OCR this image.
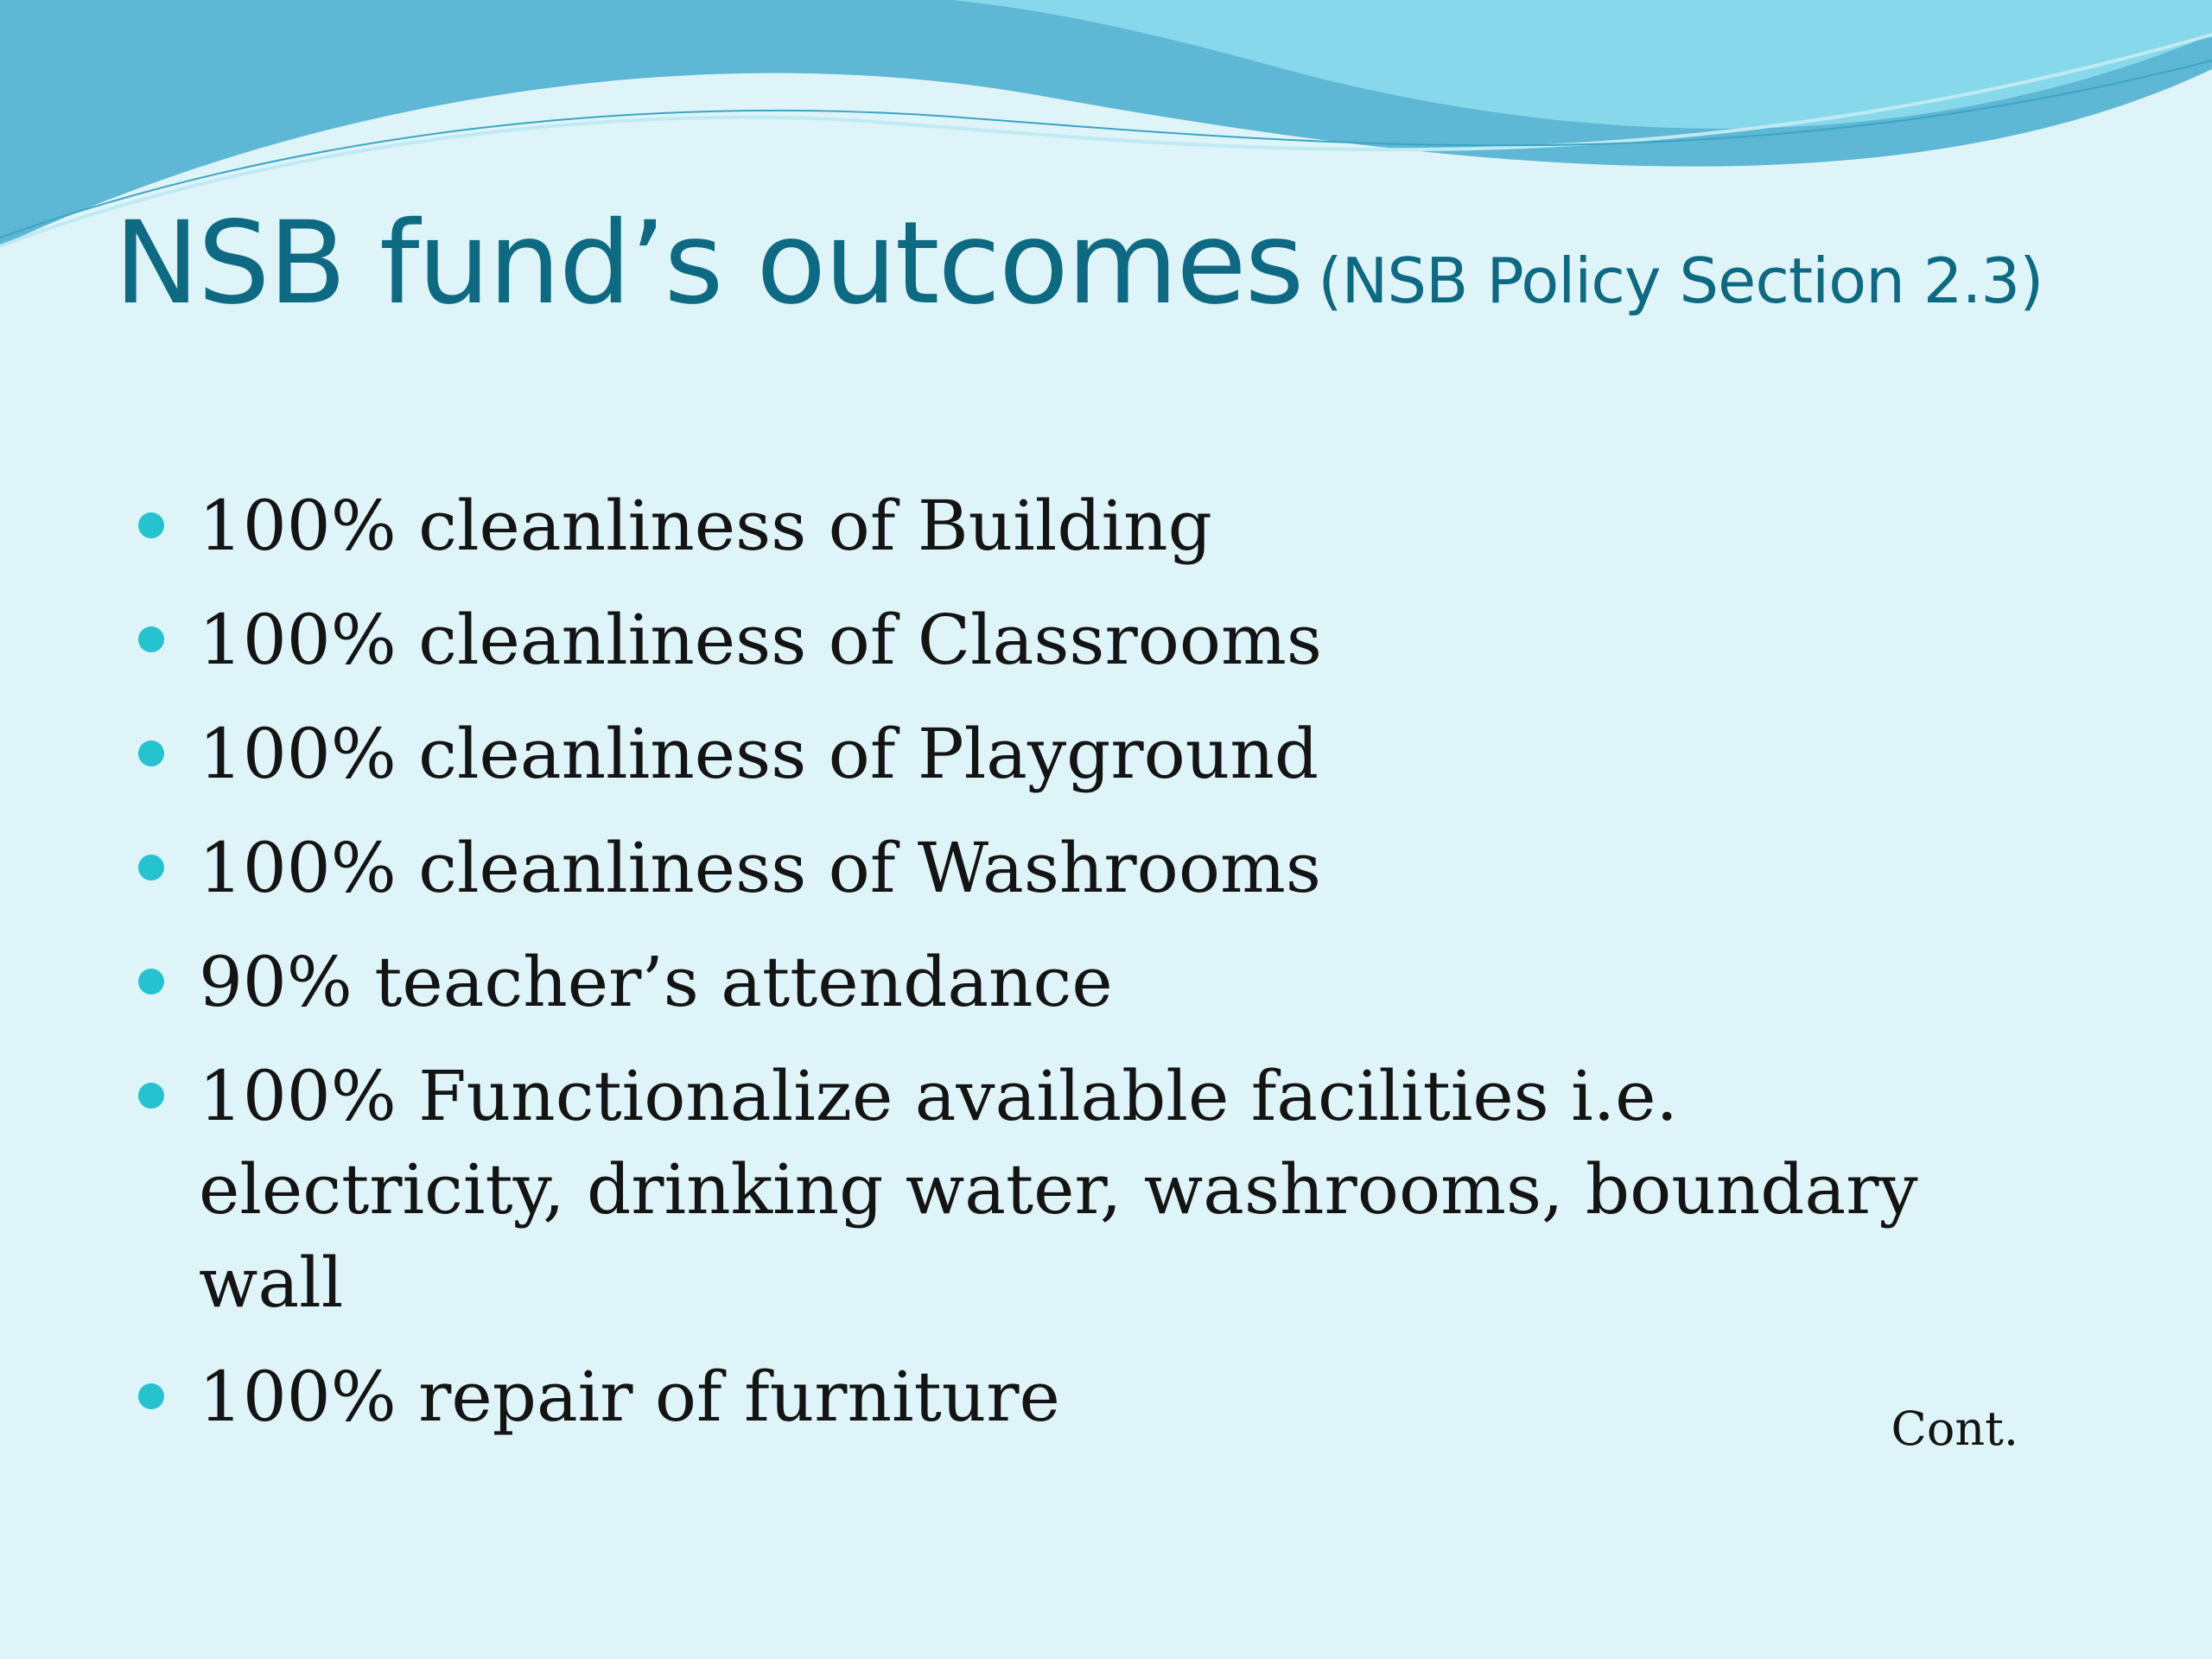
NSB fund’s outcomes (NSB Policy Section 2.3)
100% cleanliness of Building
100% cleanliness of Classrooms
100% cleanliness of Playground
100% cleanliness of Washrooms
90% teacher’s attendance
100% Functionalize available facilities i.e. electricity, drinking water, washrooms, boundary wall
100% repair of furniture	Cont.
